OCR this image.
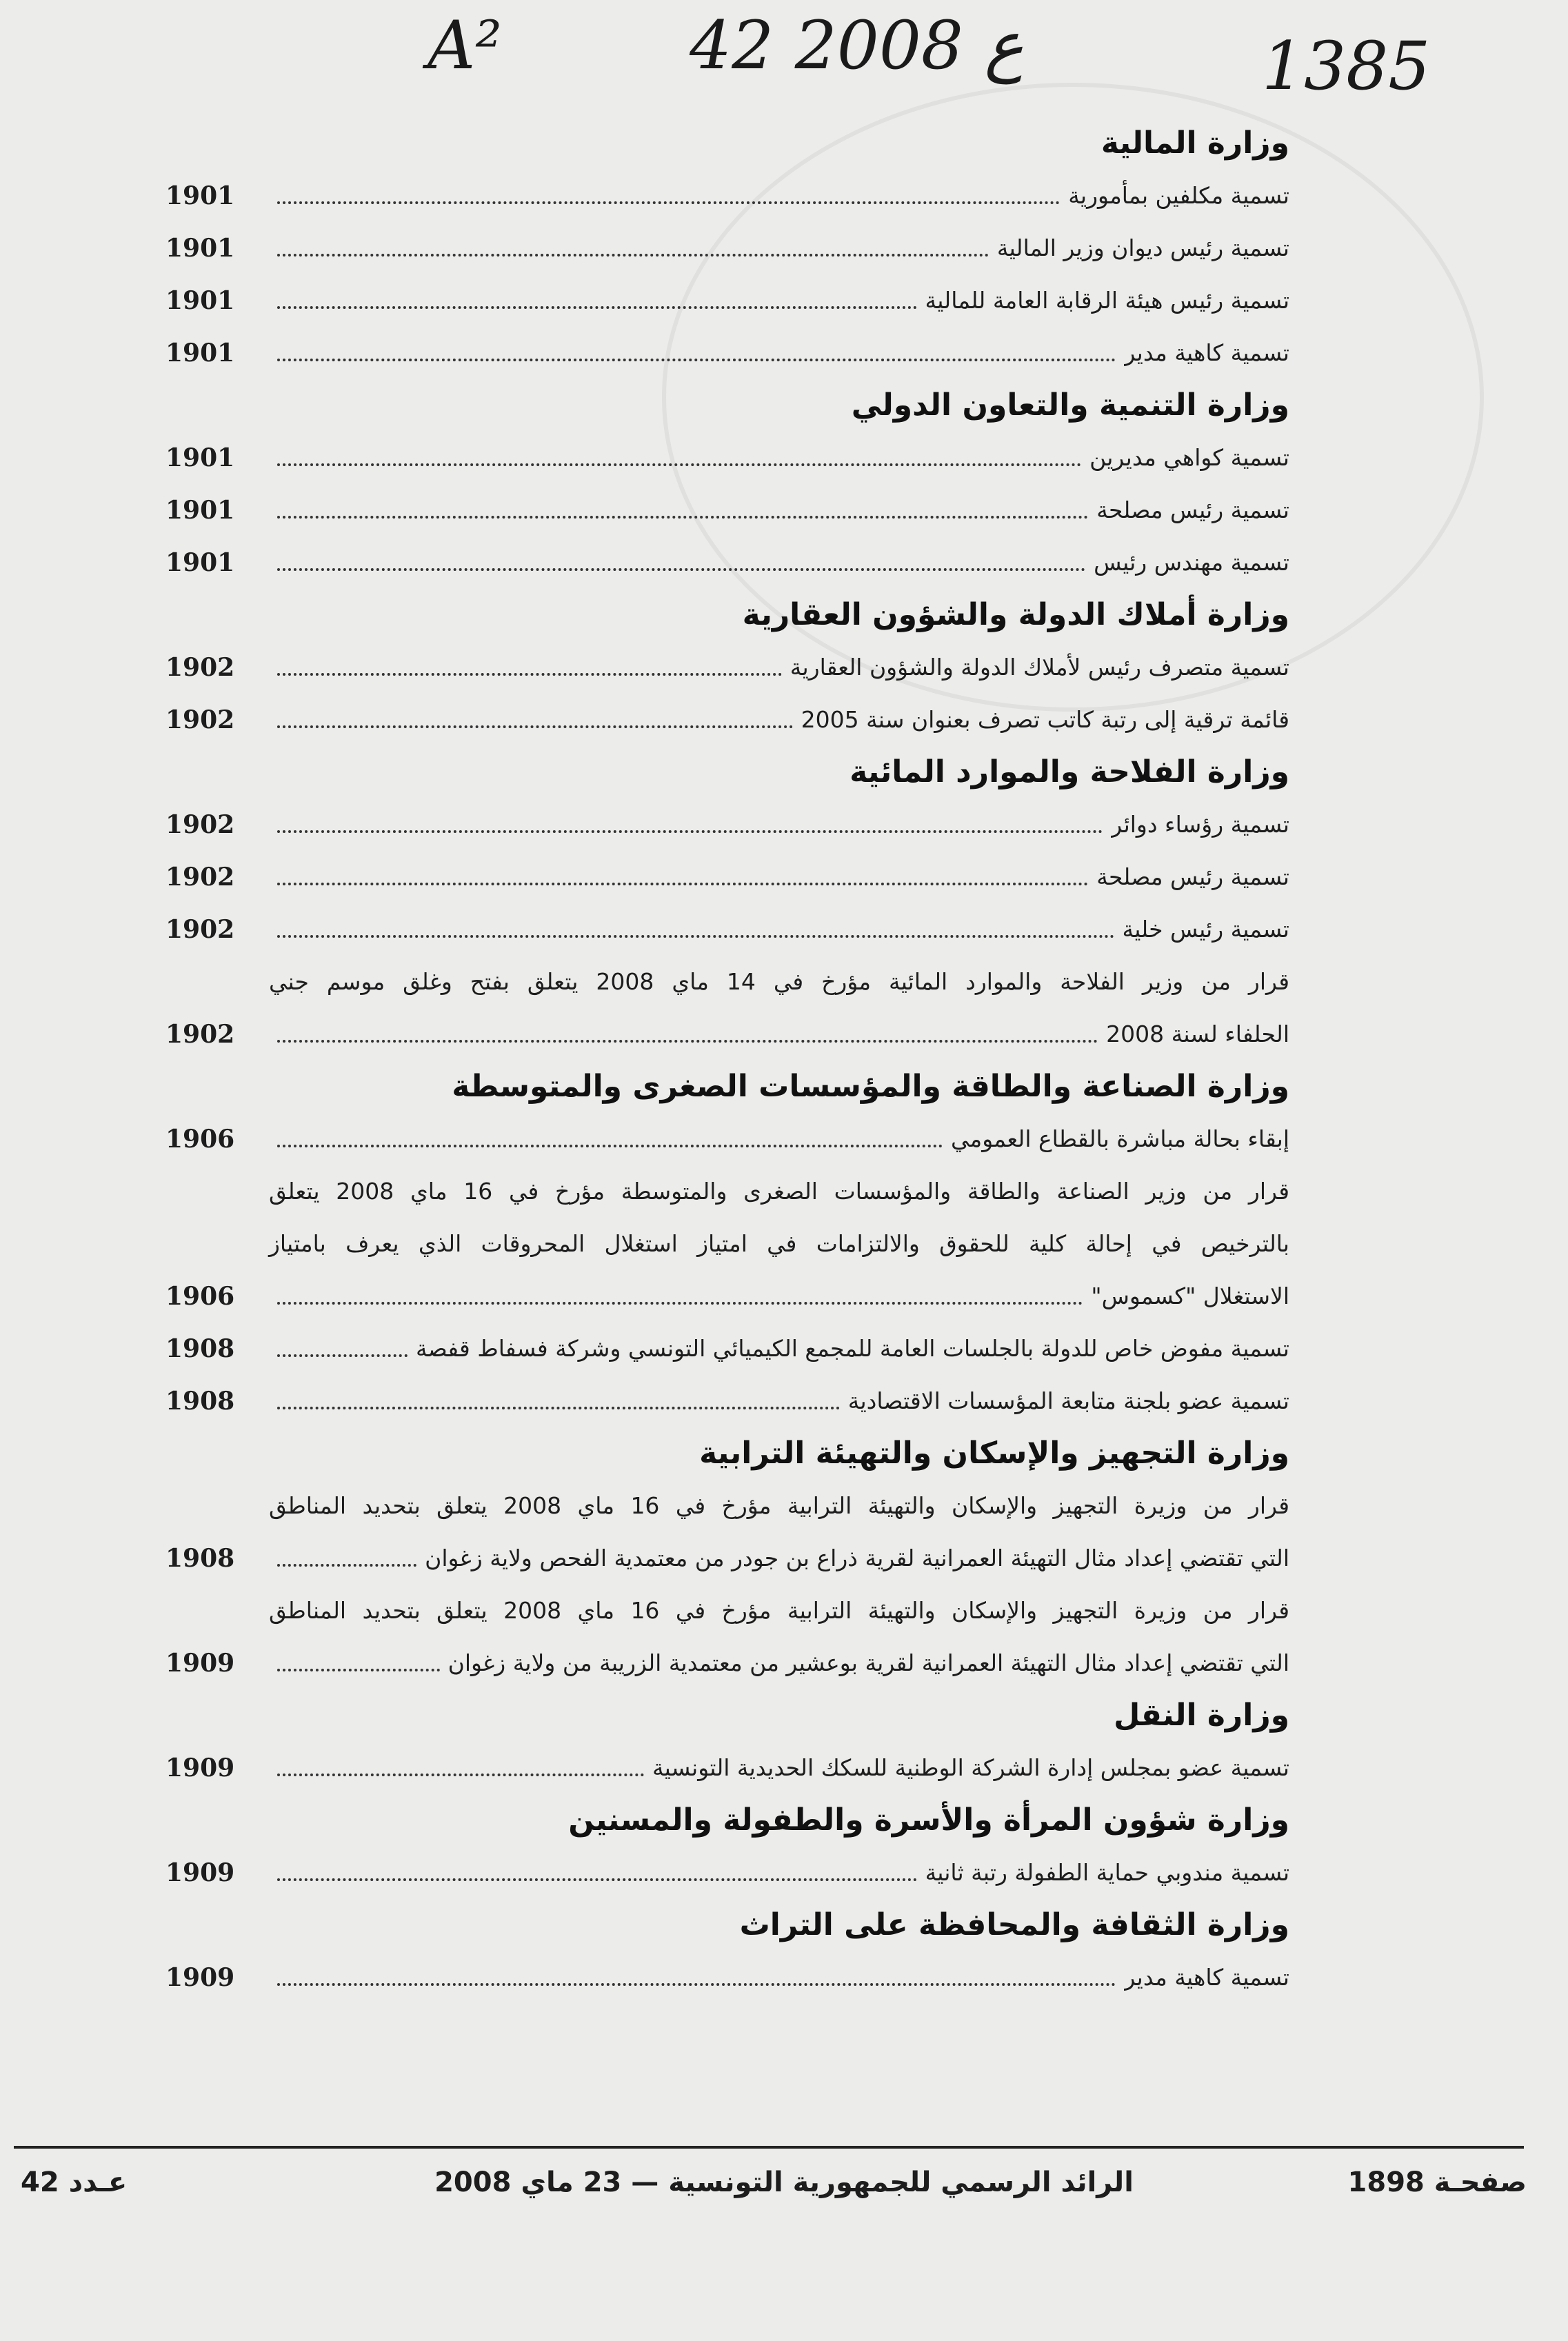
A²	42 ع 2008	1385
وزارة المالية
تسمية مكلفين بمأمورية
1901
تسمية رئيس ديوان وزير المالية
1901
تسمية رئيس هيئة الرقابة العامة للمالية
1901
تسمية كاهية مدير
1901
وزارة التنمية والتعاون الدولي
تسمية كواهي مديرين
1901
تسمية رئيس مصلحة
1901
تسمية مهندس رئيس
1901
وزارة أملاك الدولة والشؤون العقارية
تسمية متصرف رئيس لأملاك الدولة والشؤون العقارية
1902
قائمة ترقية إلى رتبة كاتب تصرف بعنوان سنة 2005
1902
وزارة الفلاحة والموارد المائية
تسمية رؤساء دوائر
1902
تسمية رئيس مصلحة
1902
تسمية رئيس خلية
1902
قرار من وزير الفلاحة والموارد المائية مؤرخ في 14 ماي 2008 يتعلق بفتح وغلق موسم جني
الحلفاء لسنة 2008
1902
وزارة الصناعة والطاقة والمؤسسات الصغرى والمتوسطة
إبقاء بحالة مباشرة بالقطاع العمومي
1906
قرار من وزير الصناعة والطاقة والمؤسسات الصغرى والمتوسطة مؤرخ في 16 ماي 2008 يتعلق
بالترخيص في إحالة كلية للحقوق والالتزامات في امتياز استغلال المحروقات الذي يعرف بامتياز
الاستغلال "كسموس"
1906
تسمية مفوض خاص للدولة بالجلسات العامة للمجمع الكيميائي التونسي وشركة فسفاط قفصة
1908
تسمية عضو بلجنة متابعة المؤسسات الاقتصادية
1908
وزارة التجهيز والإسكان والتهيئة الترابية
قرار من وزيرة التجهيز والإسكان والتهيئة الترابية مؤرخ في 16 ماي 2008 يتعلق بتحديد المناطق
التي تقتضي إعداد مثال التهيئة العمرانية لقرية ذراع بن جودر من معتمدية الفحص ولاية زغوان
1908
قرار من وزيرة التجهيز والإسكان والتهيئة الترابية مؤرخ في 16 ماي 2008 يتعلق بتحديد المناطق
التي تقتضي إعداد مثال التهيئة العمرانية لقرية بوعشير من معتمدية الزريبة من ولاية زغوان
1909
وزارة النقل
تسمية عضو بمجلس إدارة الشركة الوطنية للسكك الحديدية التونسية
1909
وزارة شؤون المرأة والأسرة والطفولة والمسنين
تسمية مندوبي حماية الطفولة رتبة ثانية
1909
وزارة الثقافة والمحافظة على التراث
تسمية كاهية مدير
1909
صفحـة 1898
الرائد الرسمي للجمهورية التونسية — 23 ماي 2008
عـدد 42
